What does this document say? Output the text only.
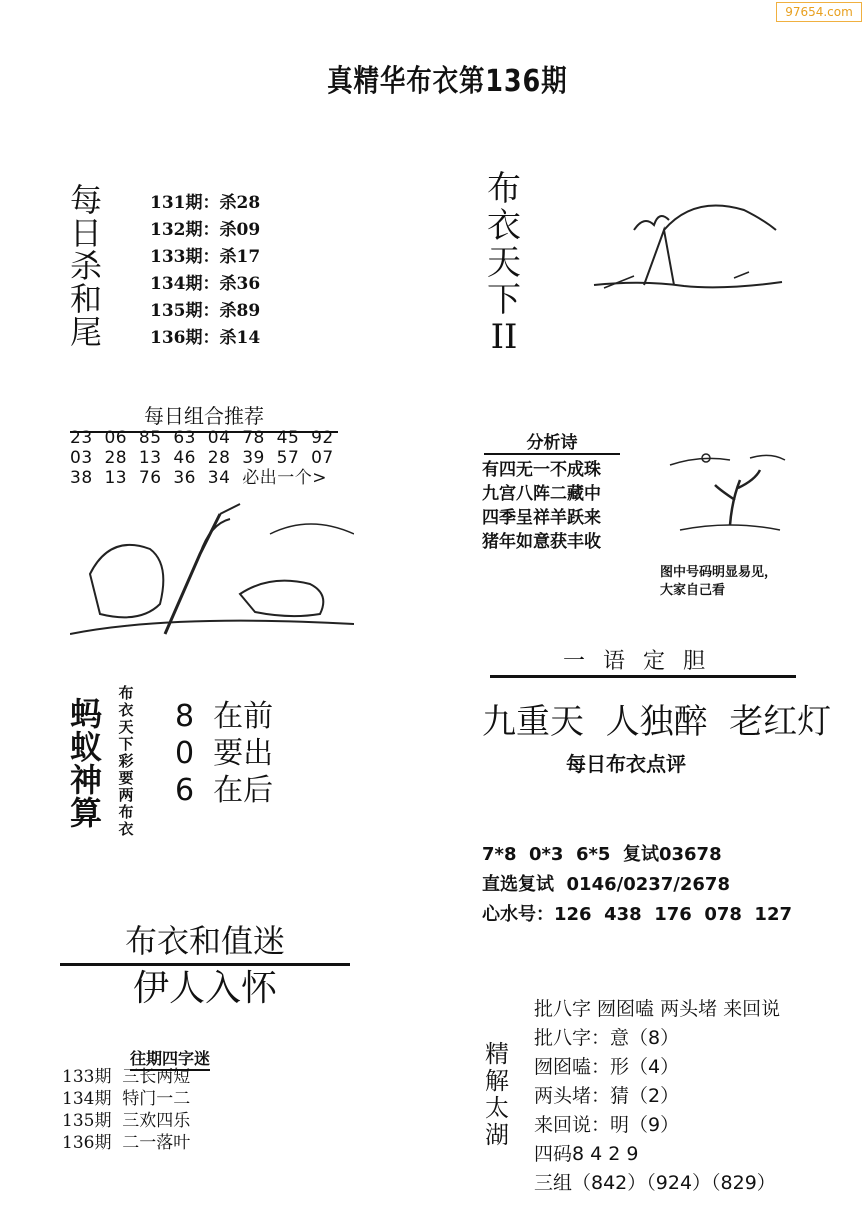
97654.com
真精华布衣第136期
每
日
杀
和
尾
131期：杀28
132期：杀09
133期：杀17
134期：杀36
135期：杀89
136期：杀14
布
衣
天
下
II
每日组合推荐
23  06  85  63  04  78  45  92
03  28  13  46  28  39  57  07
38  13  76  36  34  必出一个>
分析诗
有四无一不成珠
九宫八阵二藏中
四季呈祥羊跃来
猪年如意获丰收
图中号码明显易见，
大家自己看
一语定胆
九重天  人独醉  老红灯
每日布衣点评
蚂
蚁
神
算
布
衣
天
下
彩
要
两
布
衣
8  在前
0  要出
6  在后
7*8  0*3  6*5  复试03678
直选复试  0146/0237/2678
心水号：126  438  176  078  127
布衣和值迷
伊人入怀
往期四字迷
133期  三长两短
134期  特门一二
135期  三欢四乐
136期  二一落叶
精
解
太
湖
批八字 囫囵嗑 两头堵 来回说
批八字：意（8）
囫囵嗑：形（4）
两头堵：猜（2）
来回说：明（9）
四码8 4 2 9
三组（842）（924）（829）
